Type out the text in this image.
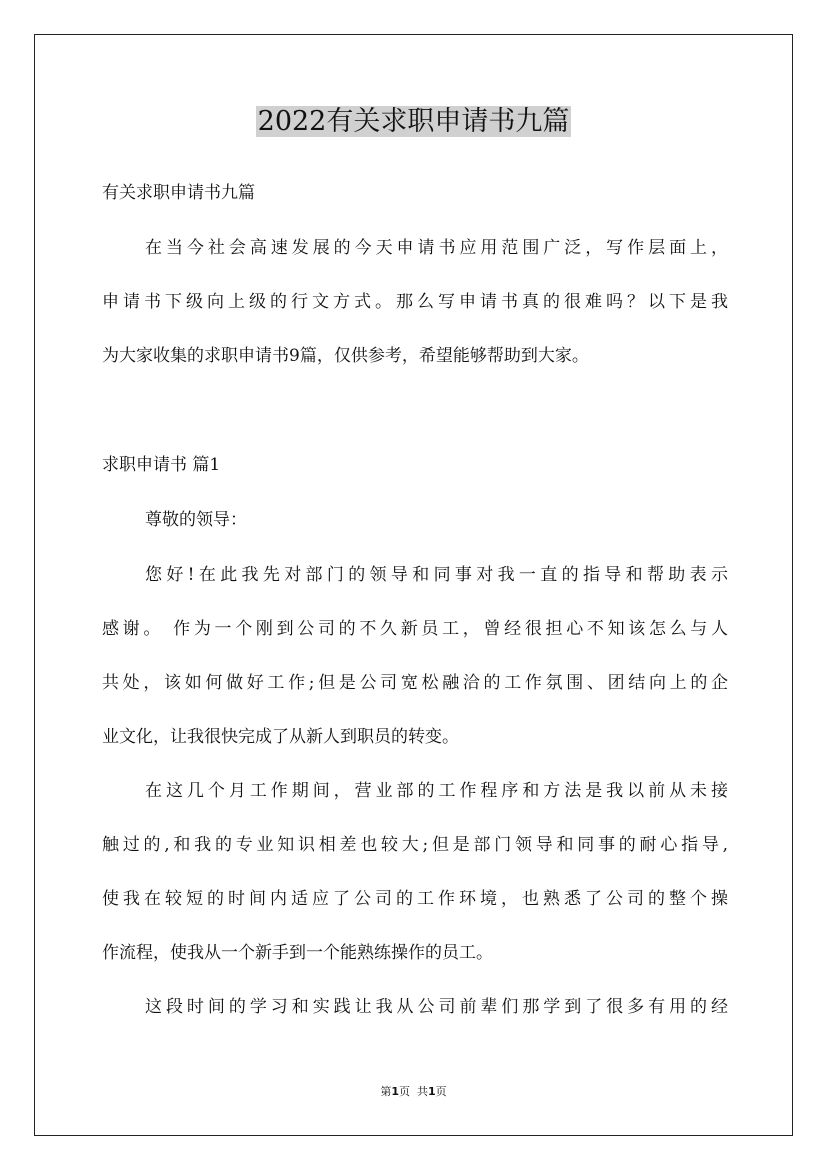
2022有关求职申请书九篇
有关求职申请书九篇
在当今社会高速发展的今天申请书应用范围广泛，写作层面上，
申请书下级向上级的行文方式。那么写申请书真的很难吗？以下是我
为大家收集的求职申请书9篇，仅供参考，希望能够帮助到大家。
求职申请书 篇1
尊敬的领导：
您好!在此我先对部门的领导和同事对我一直的指导和帮助表示
感谢。 作为一个刚到公司的不久新员工，曾经很担心不知该怎么与人
共处，该如何做好工作;但是公司宽松融洽的工作氛围、团结向上的企
业文化，让我很快完成了从新人到职员的转变。
在这几个月工作期间，营业部的工作程序和方法是我以前从未接
触过的,和我的专业知识相差也较大;但是部门领导和同事的耐心指导,
使我在较短的时间内适应了公司的工作环境，也熟悉了公司的整个操
作流程，使我从一个新手到一个能熟练操作的员工。
这段时间的学习和实践让我从公司前辈们那学到了很多有用的经
第1页 共1页
